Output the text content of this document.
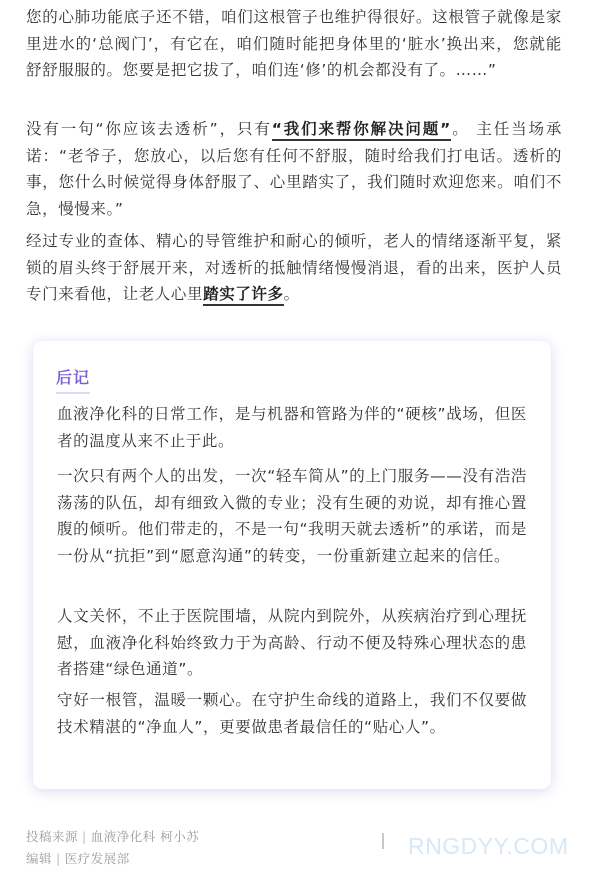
您的心肺功能底子还不错，咱们这根管子也维护得很好。这根管子就像是家里进水的‘总阀门’，有它在，咱们随时能把身体里的‘脏水’换出来，您就能舒舒服服的。您要是把它拔了，咱们连‘修’的机会都没有了。……”

没有一句“你应该去透析”，只有“我们来帮你解决问题”。 主任当场承诺：“老爷子，您放心，以后您有任何不舒服，随时给我们打电话。透析的事，您什么时候觉得身体舒服了、心里踏实了，我们随时欢迎您来。咱们不急，慢慢来。”

经过专业的查体、精心的导管维护和耐心的倾听，老人的情绪逐渐平复，紧锁的眉头终于舒展开来，对透析的抵触情绪慢慢消退，看的出来，医护人员专门来看他，让老人心里踏实了许多。

后记

血液净化科的日常工作，是与机器和管路为伴的“硬核”战场，但医者的温度从来不止于此。

一次只有两个人的出发，一次“轻车简从”的上门服务——没有浩浩荡荡的队伍，却有细致入微的专业；没有生硬的劝说，却有推心置腹的倾听。他们带走的，不是一句“我明天就去透析”的承诺，而是一份从“抗拒”到“愿意沟通”的转变，一份重新建立起来的信任。

人文关怀，不止于医院围墙，从院内到院外，从疾病治疗到心理抚慰，血液净化科始终致力于为高龄、行动不便及特殊心理状态的患者搭建“绿色通道”。

守好一根管，温暖一颗心。在守护生命线的道路上，我们不仅要做技术精湛的“净血人”，更要做患者最信任的“贴心人”。

投稿来源 | 血液净化科 柯小苏
编辑 | 医疗发展部	RNGDYY.COM
